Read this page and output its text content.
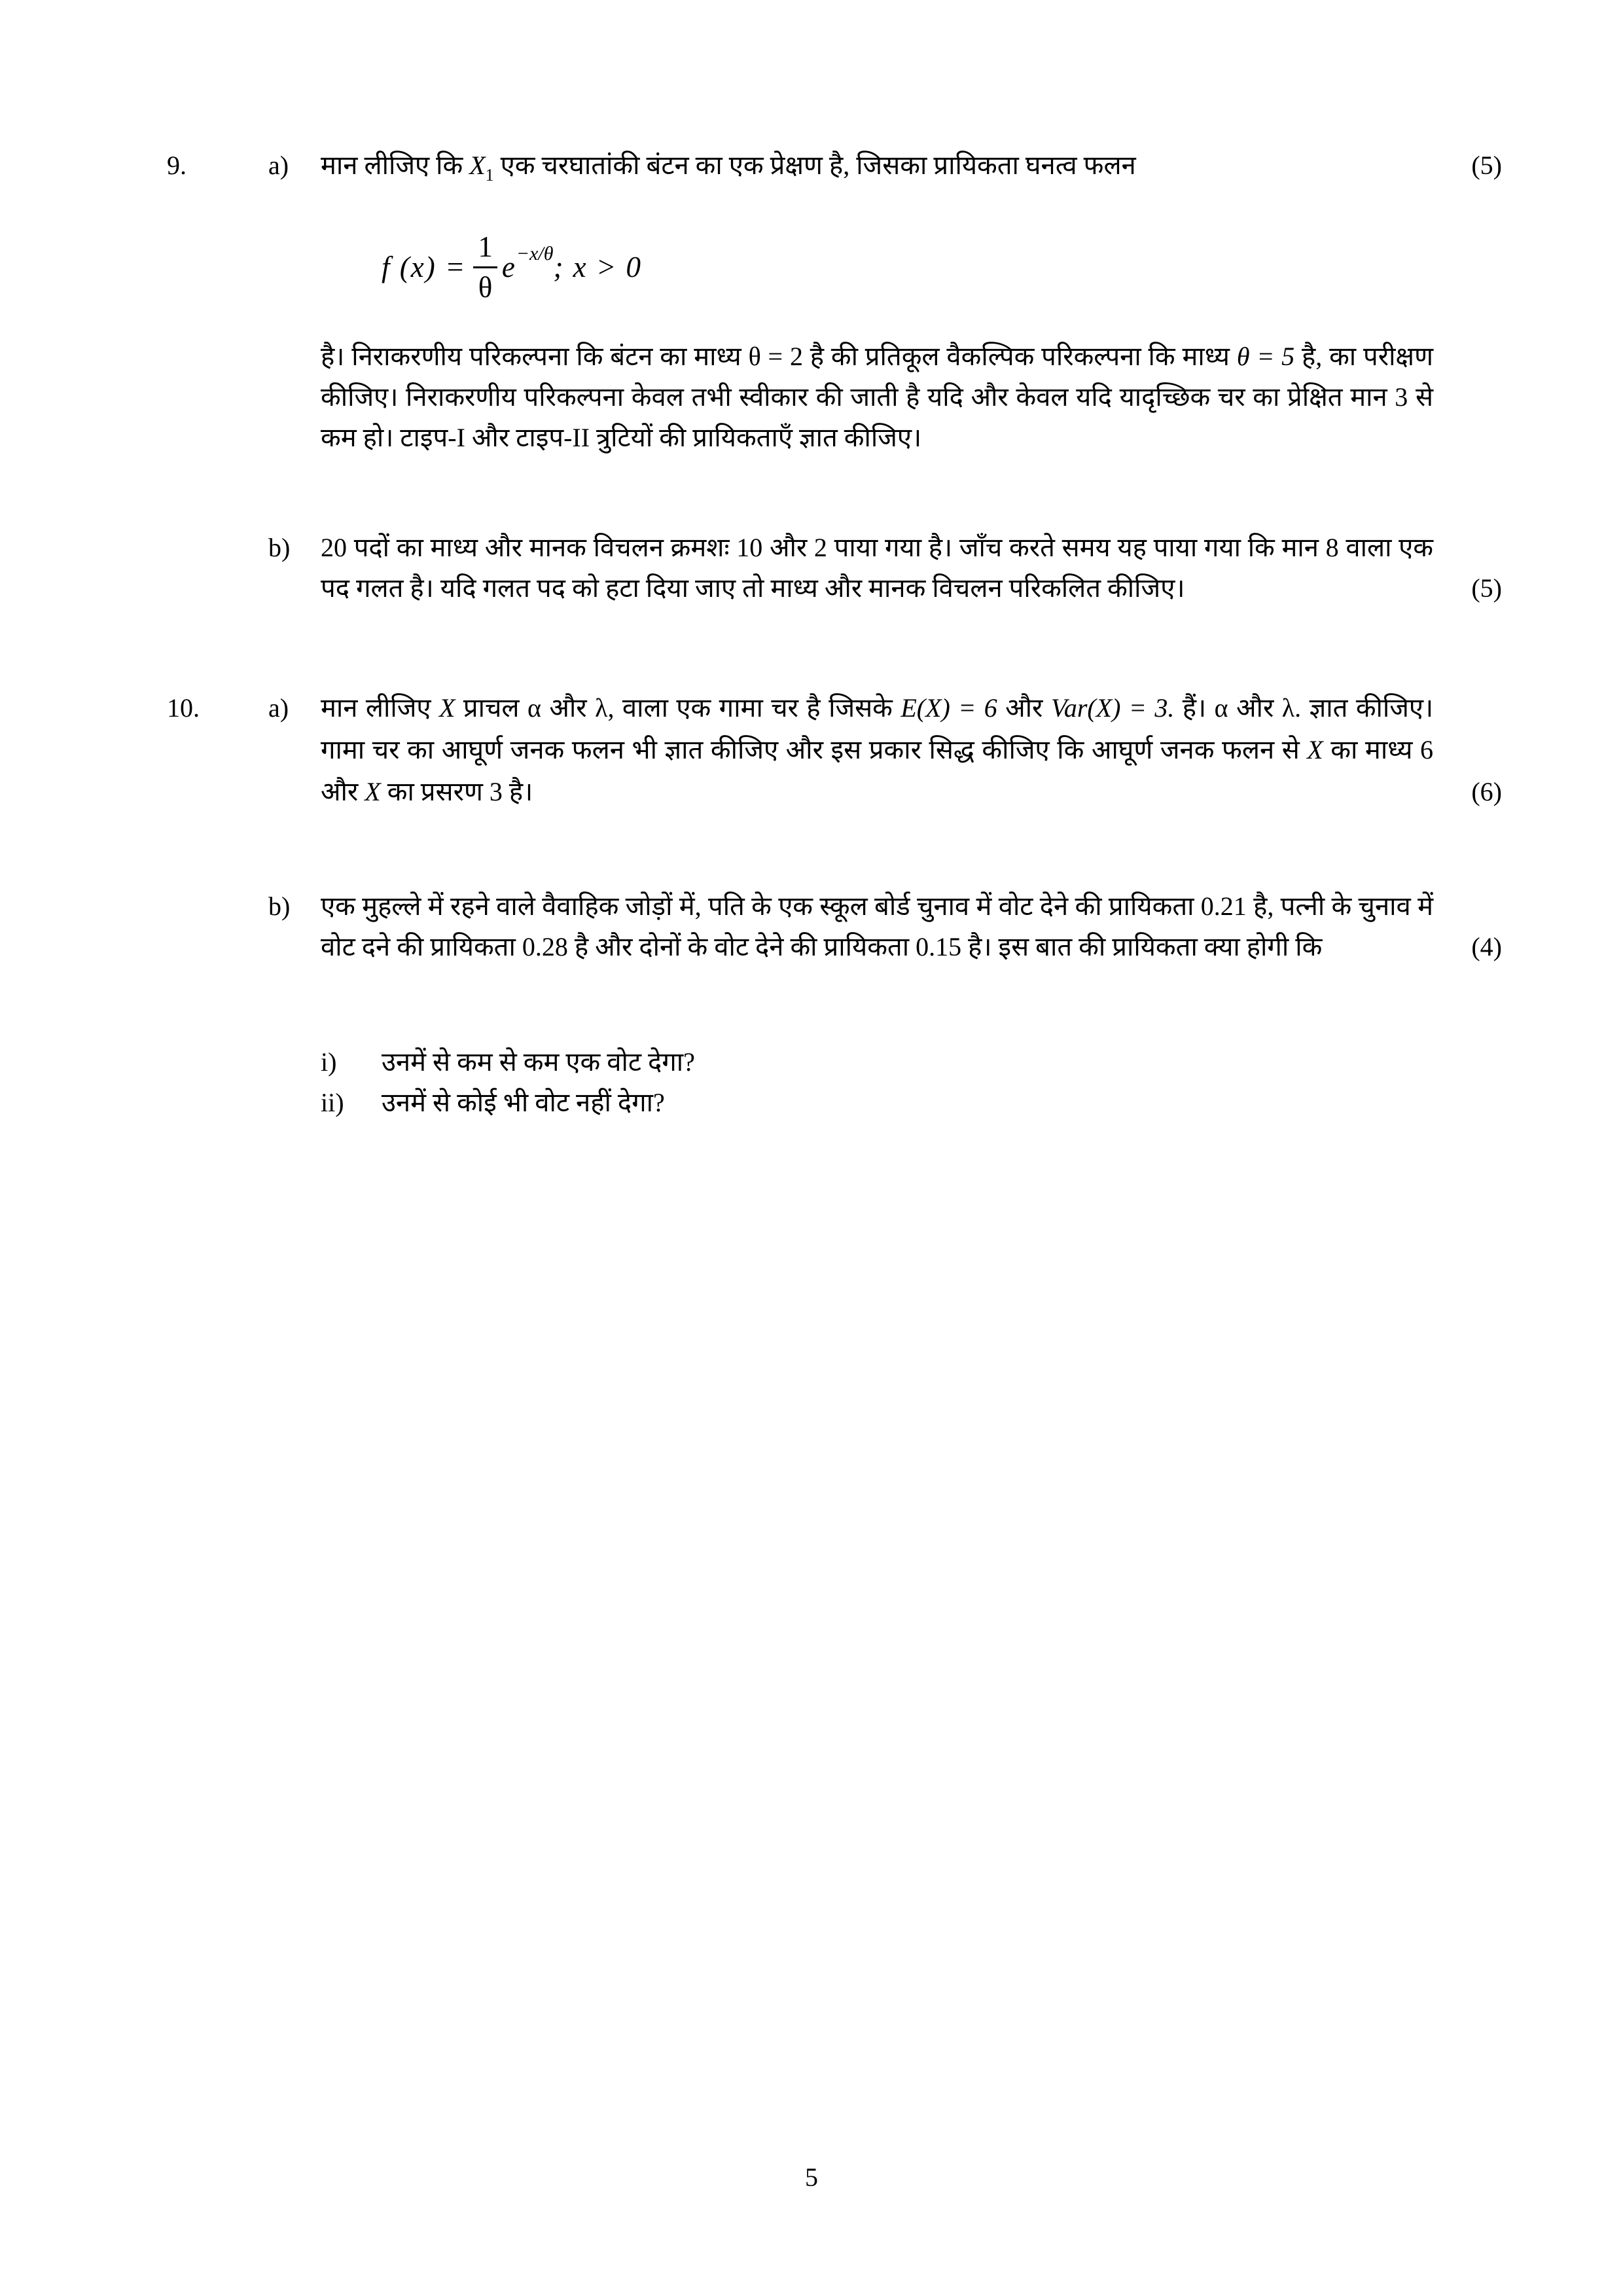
9.	a)	मान लीजिए कि $X_1$ एक चरघातांकी बंटन का एक प्रेक्षण है, जिसका प्रायिकता घनत्व फलन	(5)
f $(x) = \frac{1}{\theta}$ e −x/θ ; x > 0
है। निराकरणीय परिकल्पना कि बंटन का माध्य θ = 2 है की प्रतिकूल वैकल्पिक परिकल्पना कि माध्य θ = 5 है, का परीक्षण कीजिए। निराकरणीय परिकल्पना केवल तभी स्वीकार की जाती है यदि और केवल यदि यादृच्छिक चर का प्रेक्षित मान 3 से कम हो। टाइप-I और टाइप-II त्रुटियों की प्रायिकताएँ ज्ञात कीजिए।
b)	20 पदों का माध्य और मानक विचलन क्रमशः 10 और 2 पाया गया है। जाँच करते समय यह पाया गया कि मान 8 वाला एक पद गलत है। यदि गलत पद को हटा दिया जाए तो माध्य और मानक विचलन परिकलित कीजिए।	(5)
10.	a)	मान लीजिए X प्राचल α और λ, वाला एक गामा चर है जिसके E(X) = 6 और Var(X) = 3. हैं। α और λ. ज्ञात कीजिए। गामा चर का आघूर्ण जनक फलन भी ज्ञात कीजिए और इस प्रकार सिद्ध कीजिए कि आघूर्ण जनक फलन से X का माध्य 6 और X का प्रसरण 3 है।	(6)
b)	एक मुहल्ले में रहने वाले वैवाहिक जोड़ों में, पति के एक स्कूल बोर्ड चुनाव में वोट देने की प्रायिकता 0.21 है, पत्नी के चुनाव में वोट दने की प्रायिकता 0.28 है और दोनों के वोट देने की प्रायिकता 0.15 है। इस बात की प्रायिकता क्या होगी कि	(4)
i)	उनमें से कम से कम एक वोट देगा?
ii)	उनमें से कोई भी वोट नहीं देगा?
5
